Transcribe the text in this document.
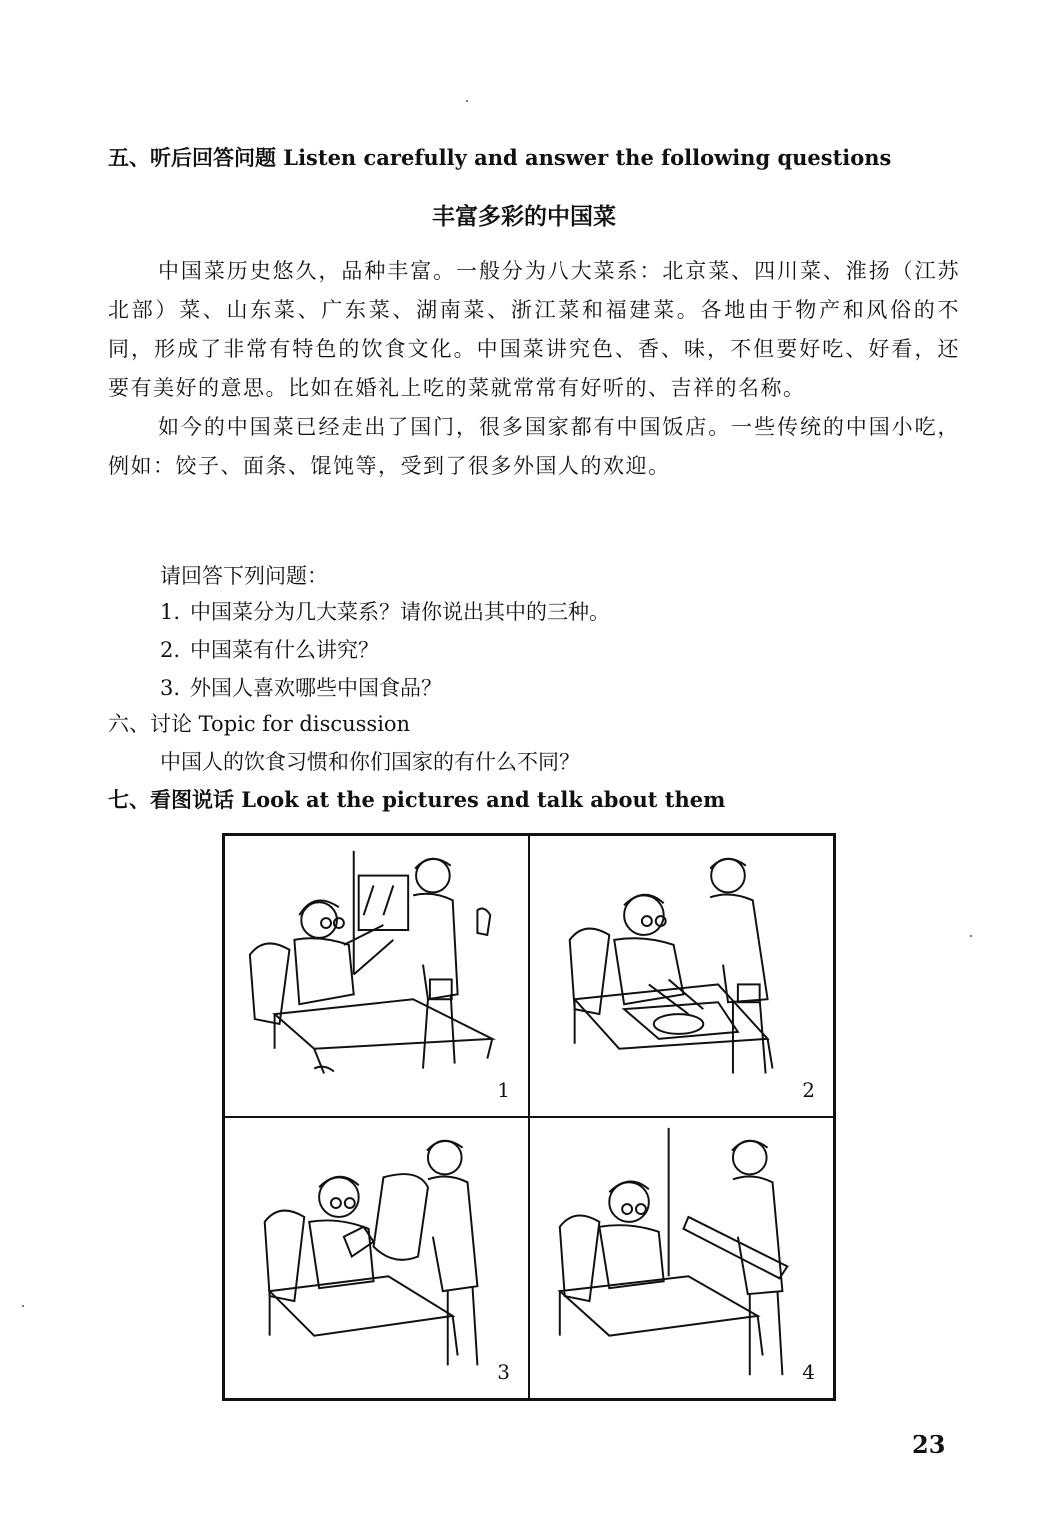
五、听后回答问题 Listen carefully and answer the following questions
丰富多彩的中国菜

中国菜历史悠久，品种丰富。一般分为八大菜系：北京菜、四川菜、淮扬（江苏北部）菜、山东菜、广东菜、湖南菜、浙江菜和福建菜。各地由于物产和风俗的不同，形成了非常有特色的饮食文化。中国菜讲究色、香、味，不但要好吃、好看，还要有美好的意思。比如在婚礼上吃的菜就常常有好听的、吉祥的名称。

如今的中国菜已经走出了国门，很多国家都有中国饭店。一些传统的中国小吃，例如：饺子、面条、馄饨等，受到了很多外国人的欢迎。

请回答下列问题：
1. 中国菜分为几大菜系？请你说出其中的三种。
2. 中国菜有什么讲究？
3. 外国人喜欢哪些中国食品？
六、讨论 Topic for discussion
中国人的饮食习惯和你们国家的有什么不同？
七、看图说话 Look at the pictures and talk about them
1	2
3	4
23
